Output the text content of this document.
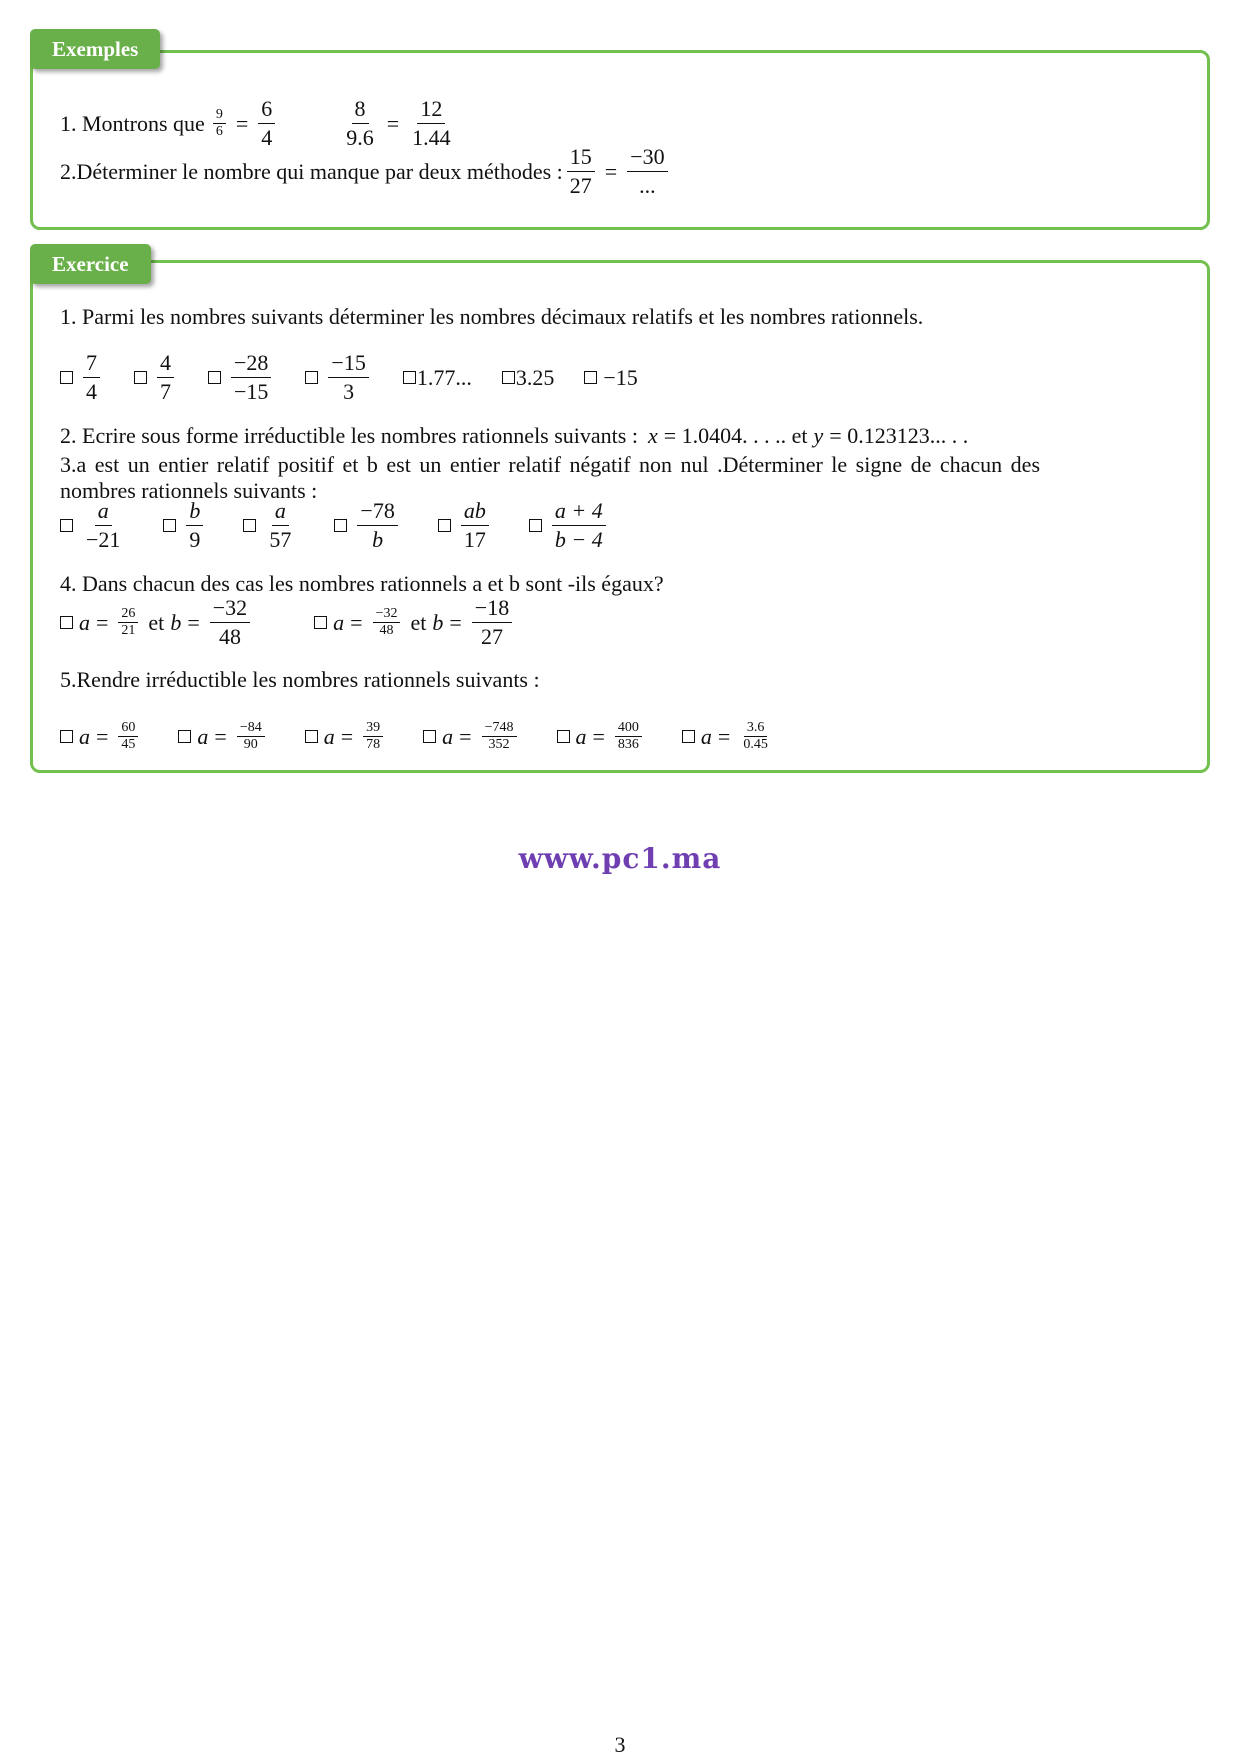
Exemples
1. Montrons que $\frac{9}{6} = \frac{6}{4}$	$\frac{8}{9.6} = \frac{12}{1.44}$
2.Déterminer le nombre qui manque par deux méthodes : $\frac{15}{27} = \frac{-30}{...}$
Exercice
1. Parmi les nombres suivants déterminer les nombres décimaux relatifs et les nombres rationnels.
$\frac{7}{4}$	$\frac{4}{7}$	$\frac{-28}{-15}$	$\frac{-15}{3} 1.77$... 3.25 −15
2. Ecrire sous forme irréductible les nombres rationnels suivants : x = 1.0404. . . .. et y = 0.123123... . .
3.a est un entier relatif positif et b est un entier relatif négatif non nul .Déterminer le signe de chacun des
nombres rationnels suivants :
$\frac{a}{-21}$	$\frac{b}{9}$	$\frac{a}{57}$	$\frac{-78}{b}$	$\frac{ab}{17}$	$\frac{a + 4}{b - 4}$
4. Dans chacun des cas les nombres rationnels a et b sont -ils égaux?
$a = \frac{26}{21}$ et $b = \frac{-32}{48}$	$a = \frac{-32}{48}$ et $b = \frac{-18}{27}$
5.Rendre irréductible les nombres rationnels suivants :
$a = \frac{60}{45}$	$a = \frac{-84}{90}$	$a = \frac{39}{78}$	$a = \frac{-748}{352}$	$a = \frac{400}{836}$	$a = \frac{3.6}{0.45}$
www.pc1.ma
3
